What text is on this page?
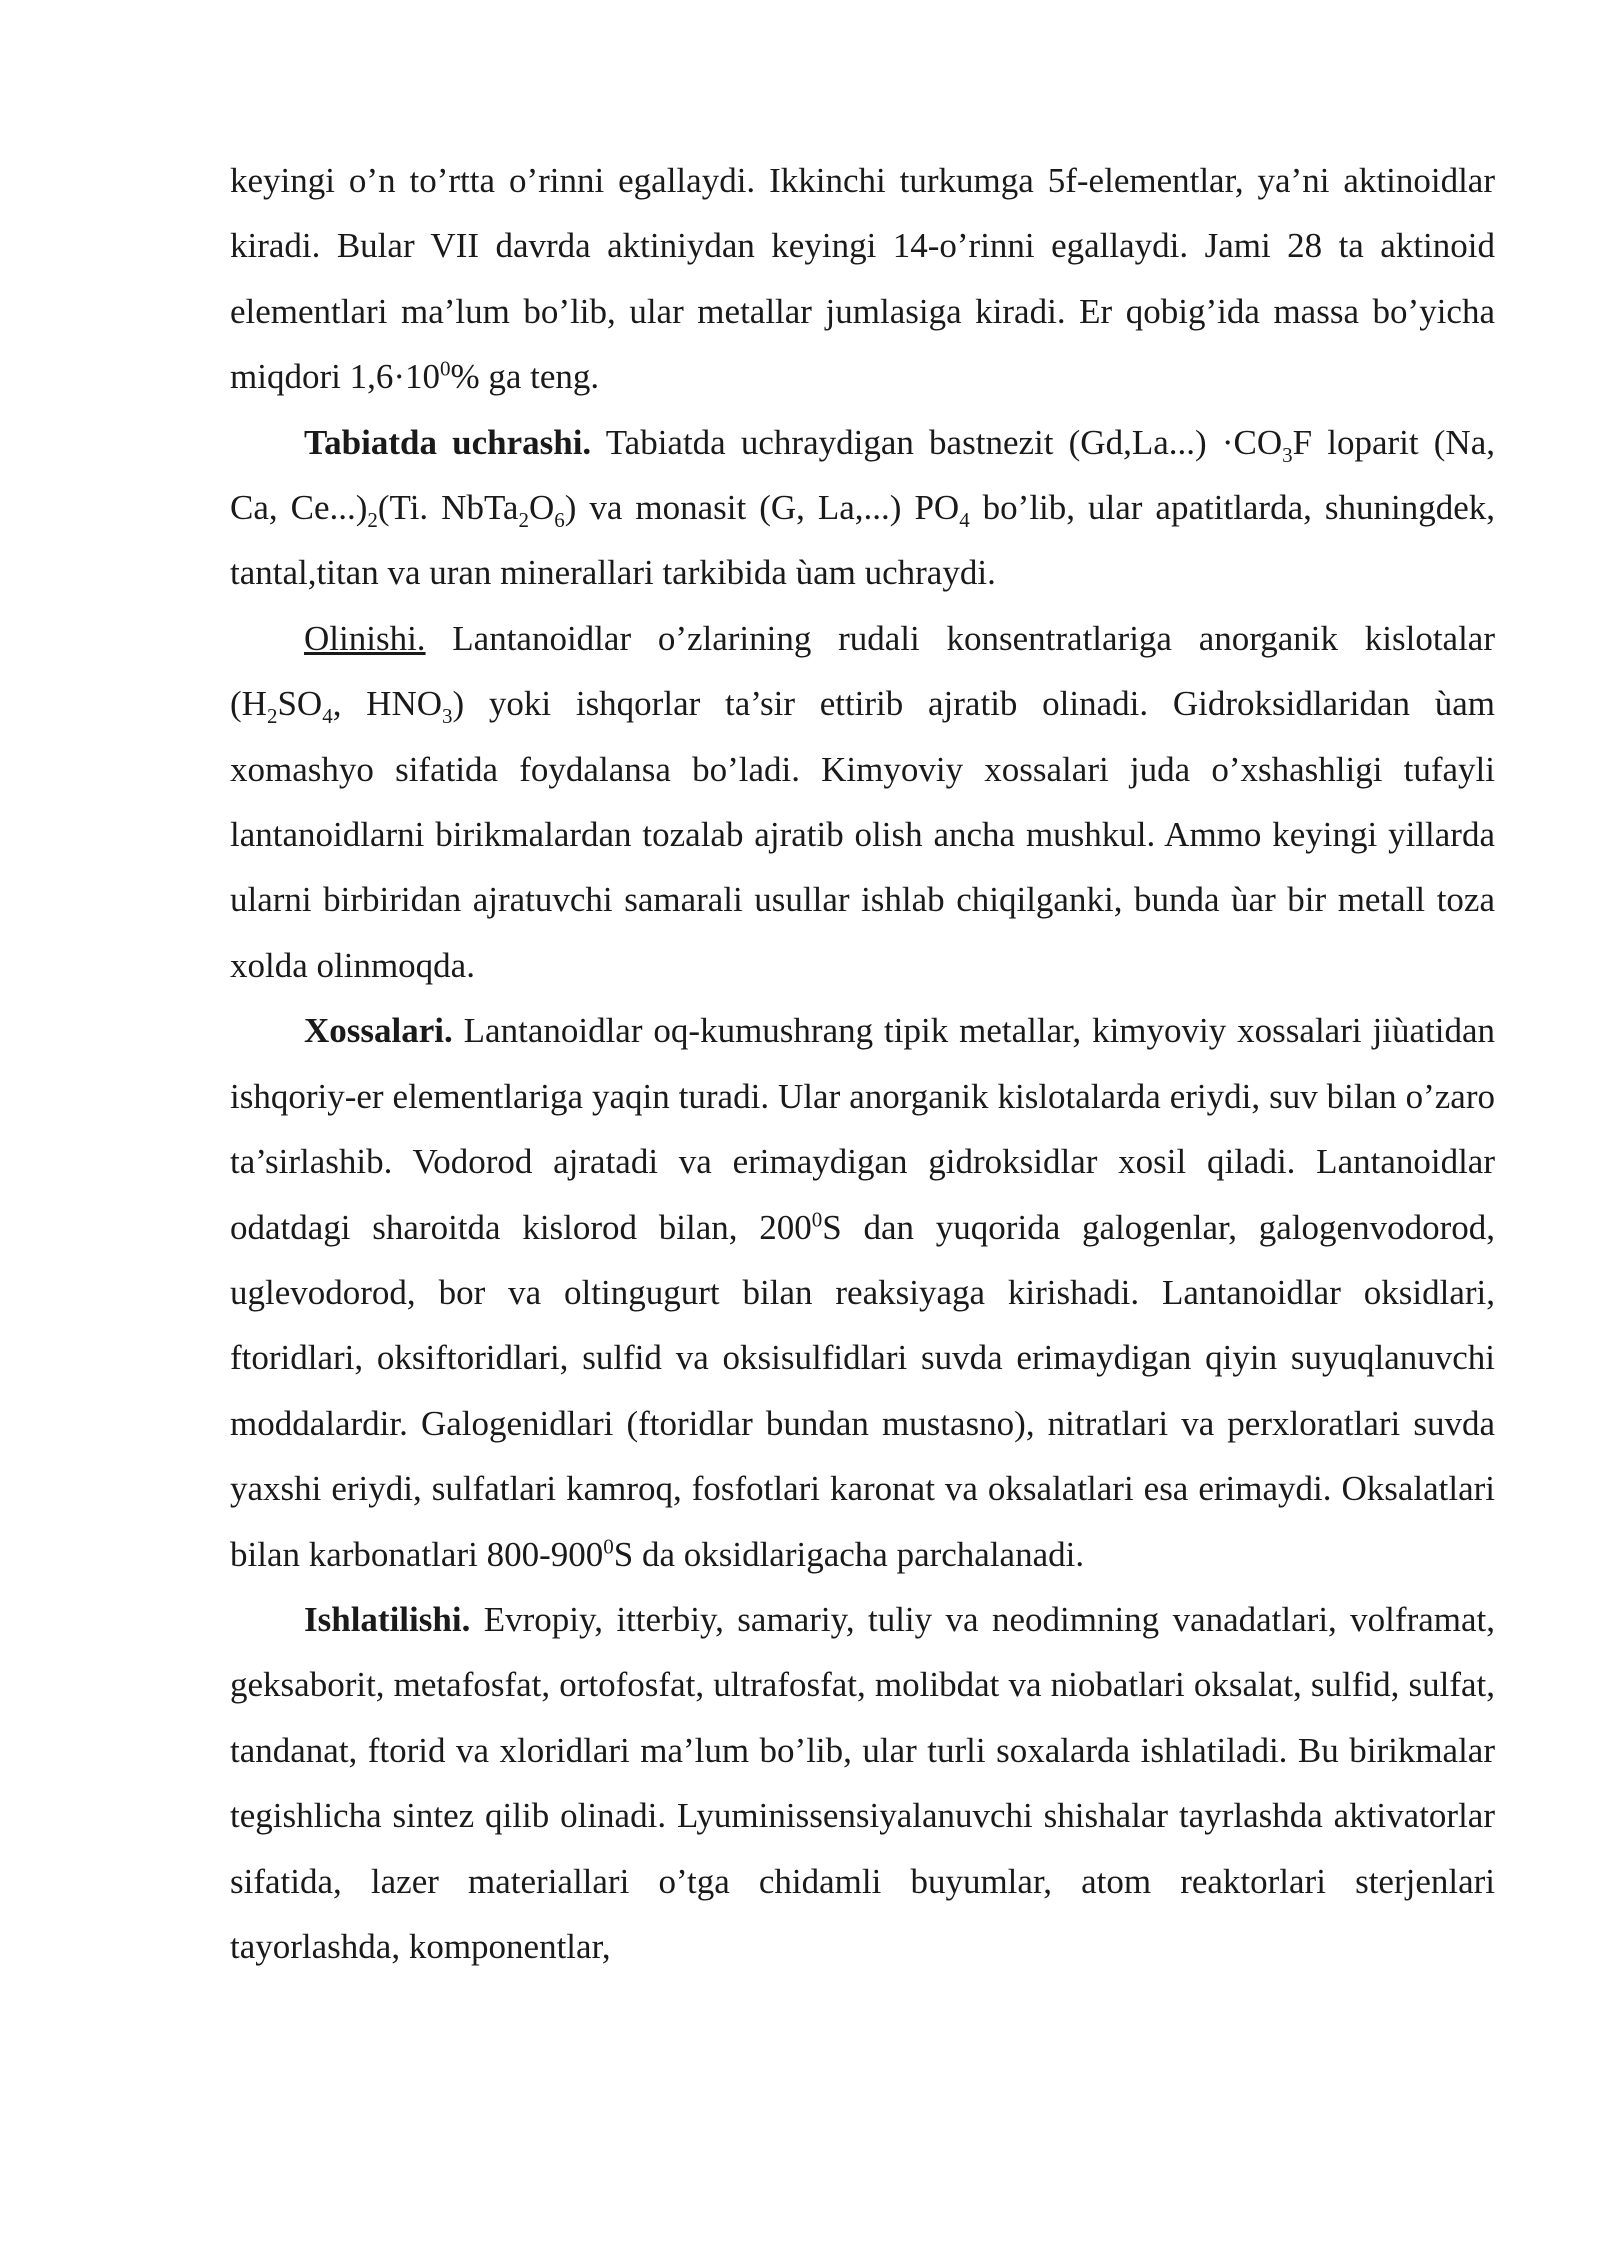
keyingi o’n to’rtta o’rinni egallaydi. Ikkinchi turkumga 5f-elementlar, ya’ni aktinoidlar kiradi. Bular VII davrda aktiniydan keyingi 14-o’rinni egallaydi. Jami 28 ta aktinoid elementlari ma’lum bo’lib, ular metallar jumlasiga kiradi. Er qobig’ida massa bo’yicha miqdori $1,6\cdot 10^0\%$ ga teng.

Tabiatda uchrashi. Tabiatda uchraydigan bastnezit $(Gd,La...) \cdot CO_3F$ loparit (Na, Ca, $Ce...)_2(Ti$. $NbTa_2O_6$) va monasit (G, La,...) $PO_4$ bo’lib, ular apatitlarda, shuningdek, tantal,titan va uran minerallari tarkibida ùam uchraydi.

Olinishi. Lantanoidlar o’zlarining rudali konsentratlariga anorganik kislotalar ($H_2SO_4$, $HNO_3$) yoki ishqorlar ta’sir ettirib ajratib olinadi. Gidroksidlaridan ùam xomashyo sifatida foydalansa bo’ladi. Kimyoviy xossalari juda o’xshashligi tufayli lantanoidlarni birikmalardan tozalab ajratib olish ancha mushkul. Ammo keyingi yillarda ularni birbiridan ajratuvchi samarali usullar ishlab chiqilganki, bunda ùar bir metall toza xolda olinmoqda.

Xossalari. Lantanoidlar oq-kumushrang tipik metallar, kimyoviy xossalari jiùatidan ishqoriy-er elementlariga yaqin turadi. Ular anorganik kislotalarda eriydi, suv bilan o’zaro ta’sirlashib. Vodorod ajratadi va erimaydigan gidroksidlar xosil qiladi. Lantanoidlar odatdagi sharoitda kislorod bilan, $200^0S$ dan yuqorida galogenlar, galogenvodorod, uglevodorod, bor va oltingugurt bilan reaksiyaga kirishadi. Lantanoidlar oksidlari, ftoridlari, oksiftoridlari, sulfid va oksisulfidlari suvda erimaydigan qiyin suyuqlanuvchi moddalardir. Galogenidlari (ftoridlar bundan mustasno), nitratlari va perxloratlari suvda yaxshi eriydi, sulfatlari kamroq, fosfotlari karonat va oksalatlari esa erimaydi. Oksalatlari bilan karbonatlari $800-900^0S$ da oksidlarigacha parchalanadi.

Ishlatilishi. Evropiy, itterbiy, samariy, tuliy va neodimning vanadatlari, volframat, geksaborit, metafosfat, ortofosfat, ultrafosfat, molibdat va niobatlari oksalat, sulfid, sulfat, tandanat, ftorid va xloridlari ma’lum bo’lib, ular turli soxalarda ishlatiladi. Bu birikmalar tegishlicha sintez qilib olinadi. Lyuminissensiyalanuvchi shishalar tayrlashda aktivatorlar sifatida, lazer materiallari o’tga chidamli buyumlar, atom reaktorlari sterjenlari tayorlashda, komponentlar,
